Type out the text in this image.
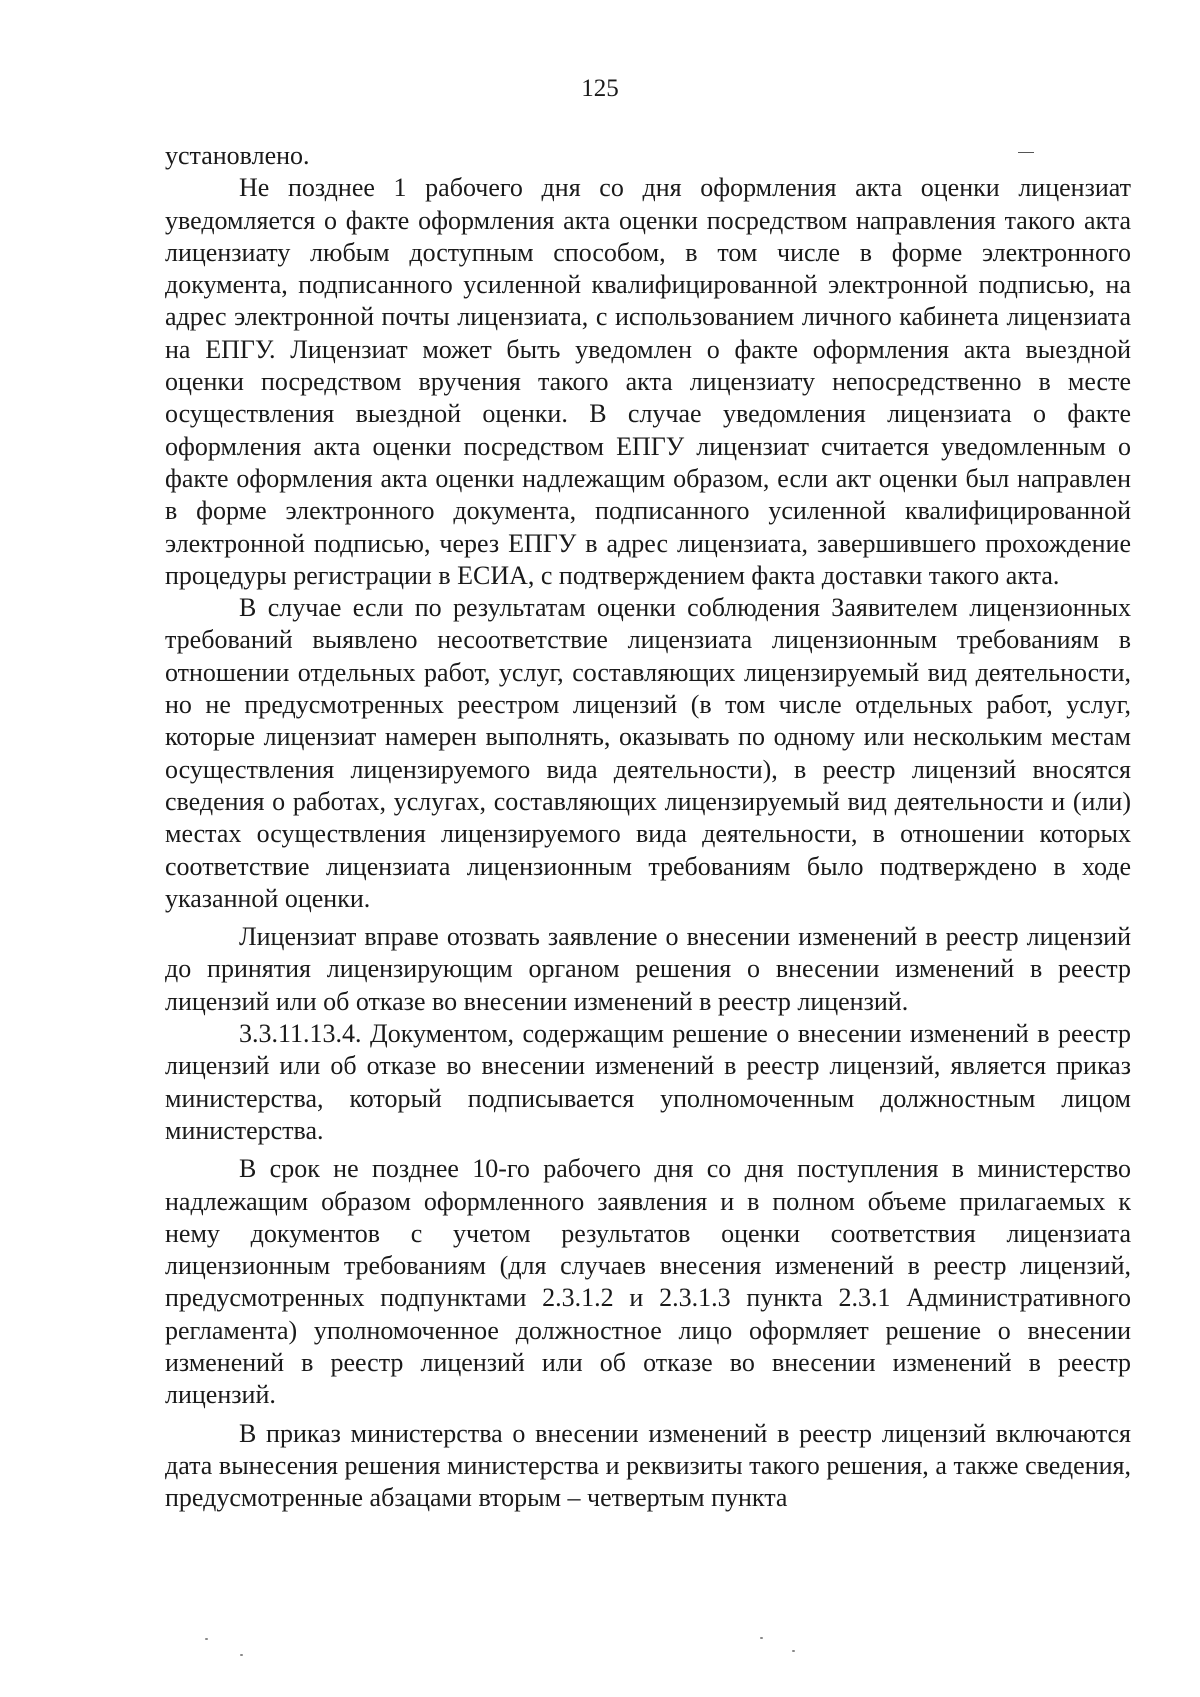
125

установлено.

Не позднее 1 рабочего дня со дня оформления акта оценки лицензиат уведомляется о факте оформления акта оценки посредством направления такого акта лицензиату любым доступным способом, в том числе в форме электронного документа, подписанного усиленной квалифицированной электронной подписью, на адрес электронной почты лицензиата, с использованием личного кабинета лицензиата на ЕПГУ. Лицензиат может быть уведомлен о факте оформления акта выездной оценки посредством вручения такого акта лицензиату непосредственно в месте осуществления выездной оценки. В случае уведомления лицензиата о факте оформления акта оценки посредством ЕПГУ лицензиат считается уведомленным о факте оформления акта оценки надлежащим образом, если акт оценки был направлен в форме электронного документа, подписанного усиленной квалифицированной электронной подписью, через ЕПГУ в адрес лицензиата, завершившего прохождение процедуры регистрации в ЕСИА, с подтверждением факта доставки такого акта.

В случае если по результатам оценки соблюдения Заявителем лицензионных требований выявлено несоответствие лицензиата лицензионным требованиям в отношении отдельных работ, услуг, составляющих лицензируемый вид деятельности, но не предусмотренных реестром лицензий (в том числе отдельных работ, услуг, которые лицензиат намерен выполнять, оказывать по одному или нескольким местам осуществления лицензируемого вида деятельности), в реестр лицензий вносятся сведения о работах, услугах, составляющих лицензируемый вид деятельности и (или) местах осуществления лицензируемого вида деятельности, в отношении которых соответствие лицензиата лицензионным требованиям было подтверждено в ходе указанной оценки.

Лицензиат вправе отозвать заявление о внесении изменений в реестр лицензий до принятия лицензирующим органом решения о внесении изменений в реестр лицензий или об отказе во внесении изменений в реестр лицензий.

3.3.11.13.4. Документом, содержащим решение о внесении изменений в реестр лицензий или об отказе во внесении изменений в реестр лицензий, является приказ министерства, который подписывается уполномоченным должностным лицом министерства.

В срок не позднее 10-го рабочего дня со дня поступления в министерство надлежащим образом оформленного заявления и в полном объеме прилагаемых к нему документов с учетом результатов оценки соответствия лицензиата лицензионным требованиям (для случаев внесения изменений в реестр лицензий, предусмотренных подпунктами 2.3.1.2 и 2.3.1.3 пункта 2.3.1 Административного регламента) уполномоченное должностное лицо оформляет решение о внесении изменений в реестр лицензий или об отказе во внесении изменений в реестр лицензий.

В приказ министерства о внесении изменений в реестр лицензий включаются дата вынесения решения министерства и реквизиты такого решения, а также сведения, предусмотренные абзацами вторым – четвертым пункта
